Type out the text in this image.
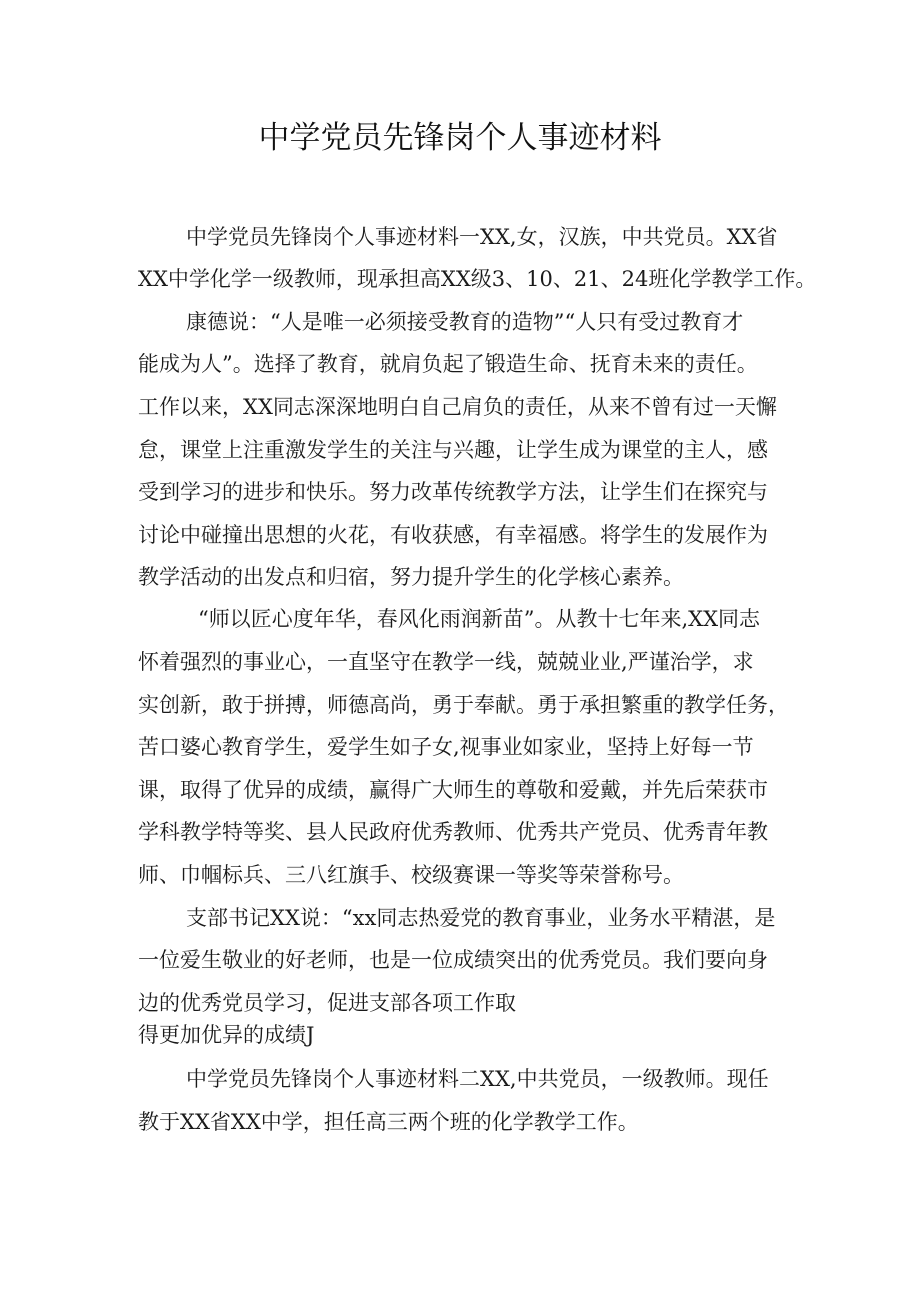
中学党员先锋岗个人事迹材料
中学党员先锋岗个人事迹材料一XX,女，汉族，中共党员。XX省
XX中学化学一级教师，现承担高XX级3、10、21、24班化学教学工作。
康德说：“人是唯一必须接受教育的造物”“人只有受过教育才
能成为人”。选择了教育，就肩负起了锻造生命、抚育未来的责任。
工作以来，XX同志深深地明白自己肩负的责任，从来不曾有过一天懈
怠，课堂上注重激发学生的关注与兴趣，让学生成为课堂的主人，感
受到学习的进步和快乐。努力改革传统教学方法，让学生们在探究与
讨论中碰撞出思想的火花，有收获感，有幸福感。将学生的发展作为
教学活动的出发点和归宿，努力提升学生的化学核心素养。
“师以匠心度年华，春风化雨润新苗”。从教十七年来,XX同志
怀着强烈的事业心，一直坚守在教学一线，兢兢业业,严谨治学，求
实创新，敢于拼搏，师德高尚，勇于奉献。勇于承担繁重的教学任务，
苦口婆心教育学生，爱学生如子女,视事业如家业，坚持上好每一节
课，取得了优异的成绩，赢得广大师生的尊敬和爱戴，并先后荣获市
学科教学特等奖、县人民政府优秀教师、优秀共产党员、优秀青年教
师、巾帼标兵、三八红旗手、校级赛课一等奖等荣誉称号。
支部书记XX说：“xx同志热爱党的教育事业，业务水平精湛，是
一位爱生敬业的好老师，也是一位成绩突出的优秀党员。我们要向身
边的优秀党员学习，促进支部各项工作取
得更加优异的成绩J
中学党员先锋岗个人事迹材料二XX,中共党员，一级教师。现任
教于XX省XX中学，担任高三两个班的化学教学工作。
